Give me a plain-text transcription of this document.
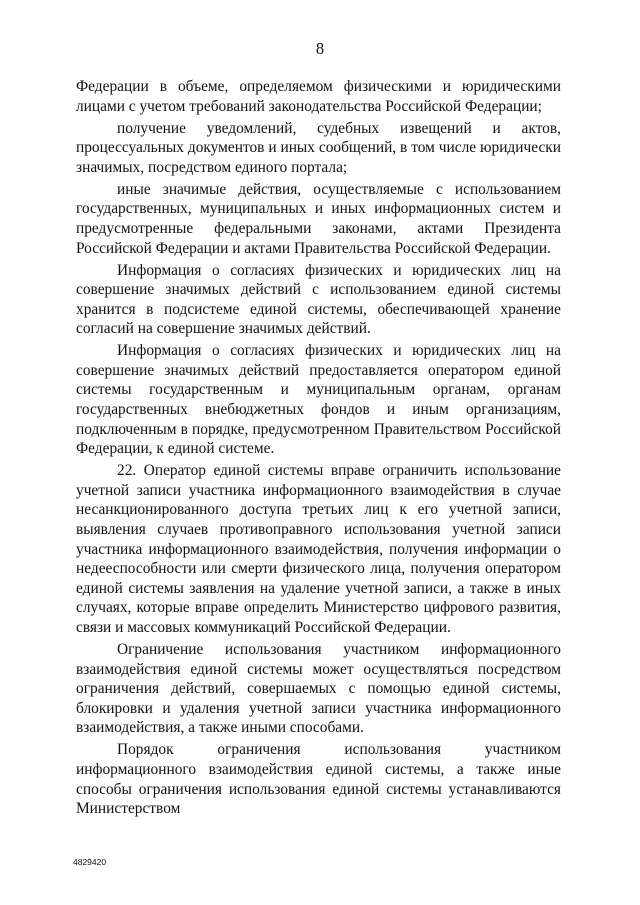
8

Федерации в объеме, определяемом физическими и юридическими лицами с учетом требований законодательства Российской Федерации;

получение уведомлений, судебных извещений и актов, процессуальных документов и иных сообщений, в том числе юридически значимых, посредством единого портала;

иные значимые действия, осуществляемые с использованием государственных, муниципальных и иных информационных систем и предусмотренные федеральными законами, актами Президента Российской Федерации и актами Правительства Российской Федерации.

Информация о согласиях физических и юридических лиц на совершение значимых действий с использованием единой системы хранится в подсистеме единой системы, обеспечивающей хранение согласий на совершение значимых действий.

Информация о согласиях физических и юридических лиц на совершение значимых действий предоставляется оператором единой системы государственным и муниципальным органам, органам государственных внебюджетных фондов и иным организациям, подключенным в порядке, предусмотренном Правительством Российской Федерации, к единой системе.

22. Оператор единой системы вправе ограничить использование учетной записи участника информационного взаимодействия в случае несанкционированного доступа третьих лиц к его учетной записи, выявления случаев противоправного использования учетной записи участника информационного взаимодействия, получения информации о недееспособности или смерти физического лица, получения оператором единой системы заявления на удаление учетной записи, а также в иных случаях, которые вправе определить Министерство цифрового развития, связи и массовых коммуникаций Российской Федерации.

Ограничение использования участником информационного взаимодействия единой системы может осуществляться посредством ограничения действий, совершаемых с помощью единой системы, блокировки и удаления учетной записи участника информационного взаимодействия, а также иными способами.

Порядок ограничения использования участником информационного взаимодействия единой системы, а также иные способы ограничения использования единой системы устанавливаются Министерством

4829420
